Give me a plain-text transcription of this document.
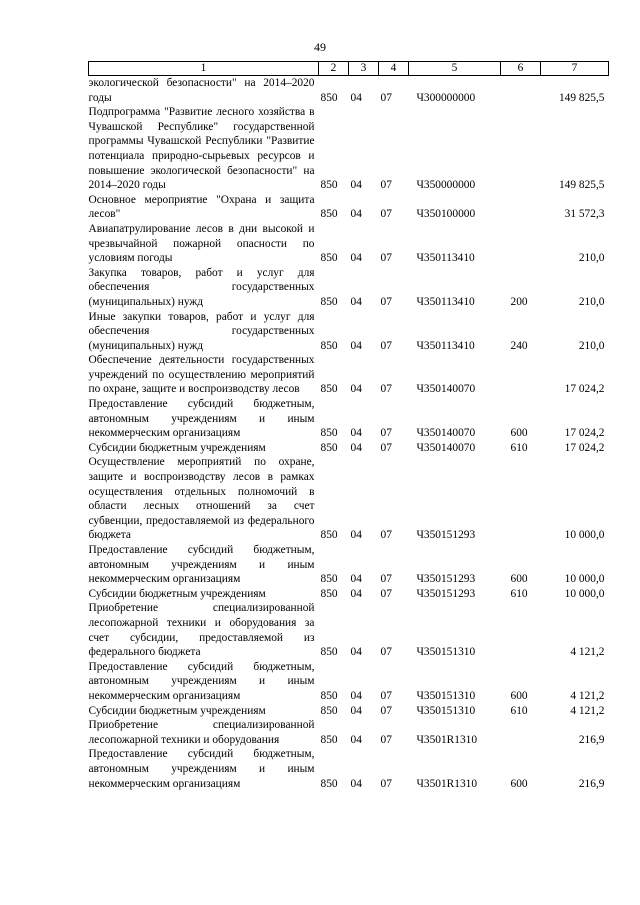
49
1	2	3	4	5	6	7
экологической безопасности" на 2014–2020 годы	850	04	07	Ч300000000		149 825,5
Подпрограмма "Развитие лесного хозяйства в Чувашской Республике" государственной программы Чувашской Республики "Развитие потенциала природно-сырьевых ресурсов и повышение экологической безопасности" на 2014–2020 годы	850	04	07	Ч350000000		149 825,5
Основное мероприятие "Охрана и защита лесов"	850	04	07	Ч350100000		31 572,3
Авиапатрулирование лесов в дни высокой и чрезвычайной пожарной опасности по условиям погоды	850	04	07	Ч350113410		210,0
Закупка товаров, работ и услуг для обеспечения государственных (муниципальных) нужд	850	04	07	Ч350113410	200	210,0
Иные закупки товаров, работ и услуг для обеспечения государственных (муниципальных) нужд	850	04	07	Ч350113410	240	210,0
Обеспечение деятельности государственных учреждений по осуществлению мероприятий по охране, защите и воспроизводству лесов	850	04	07	Ч350140070		17 024,2
Предоставление субсидий бюджетным, автономным учреждениям и иным некоммерческим организациям	850	04	07	Ч350140070	600	17 024,2
Субсидии бюджетным учреждениям	850	04	07	Ч350140070	610	17 024,2
Осуществление мероприятий по охране, защите и воспроизводству лесов в рамках осуществления отдельных полномочий в области лесных отношений за счет субвенции, предоставляемой из федерального бюджета	850	04	07	Ч350151293		10 000,0
Предоставление субсидий бюджетным, автономным учреждениям и иным некоммерческим организациям	850	04	07	Ч350151293	600	10 000,0
Субсидии бюджетным учреждениям	850	04	07	Ч350151293	610	10 000,0
Приобретение специализированной лесопожарной техники и оборудования за счет субсидии, предоставляемой из федерального бюджета	850	04	07	Ч350151310		4 121,2
Предоставление субсидий бюджетным, автономным учреждениям и иным некоммерческим организациям	850	04	07	Ч350151310	600	4 121,2
Субсидии бюджетным учреждениям	850	04	07	Ч350151310	610	4 121,2
Приобретение специализированной лесопожарной техники и оборудования	850	04	07	Ч3501R1310		216,9
Предоставление субсидий бюджетным, автономным учреждениям и иным некоммерческим организациям	850	04	07	Ч3501R1310	600	216,9
